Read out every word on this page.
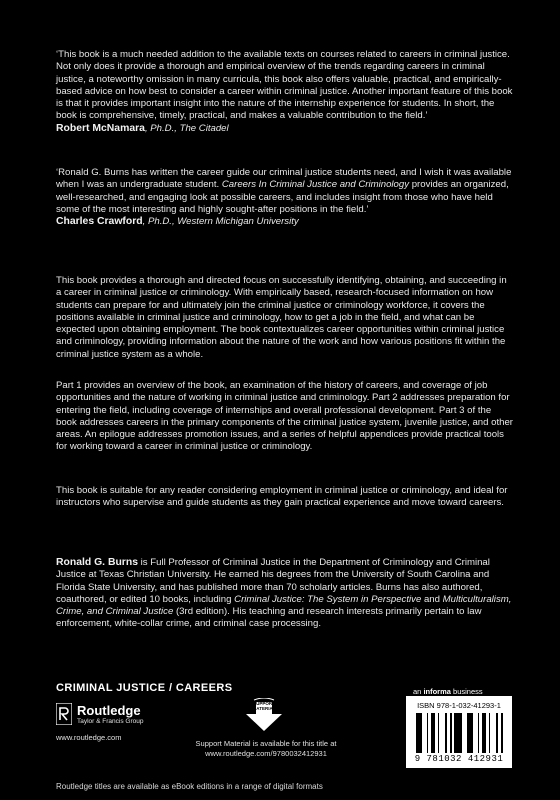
‘This book is a much needed addition to the available texts on courses related to careers in criminal justice. Not only does it provide a thorough and empirical overview of the trends regarding careers in criminal justice, a noteworthy omission in many curricula, this book also offers valuable, practical, and empirically-based advice on how best to consider a career within criminal justice. Another important feature of this book is that it provides important insight into the nature of the internship experience for students. In short, the book is comprehensive, timely, practical, and makes a valuable contribution to the field.’

Robert McNamara, Ph.D., The Citadel

‘Ronald G. Burns has written the career guide our criminal justice students need, and I wish it was available when I was an undergraduate student. Careers In Criminal Justice and Criminology provides an organized, well-researched, and engaging look at possible careers, and includes insight from those who have held some of the most interesting and highly sought-after positions in the field.’

Charles Crawford, Ph.D., Western Michigan University

This book provides a thorough and directed focus on successfully identifying, obtaining, and succeeding in a career in criminal justice or criminology. With empirically based, research-focused information on how students can prepare for and ultimately join the criminal justice or criminology workforce, it covers the positions available in criminal justice and criminology, how to get a job in the field, and what can be expected upon obtaining employment. The book contextualizes career opportunities within criminal justice and criminology, providing information about the nature of the work and how various positions fit within the criminal justice system as a whole.

Part 1 provides an overview of the book, an examination of the history of careers, and coverage of job opportunities and the nature of working in criminal justice and criminology. Part 2 addresses preparation for entering the field, including coverage of internships and overall professional development. Part 3 of the book addresses careers in the primary components of the criminal justice system, juvenile justice, and other areas. An epilogue addresses promotion issues, and a series of helpful appendices provide practical tools for working toward a career in criminal justice or criminology.

This book is suitable for any reader considering employment in criminal justice or criminology, and ideal for instructors who supervise and guide students as they gain practical experience and move toward careers.

Ronald G. Burns is Full Professor of Criminal Justice in the Department of Criminology and Criminal Justice at Texas Christian University. He earned his degrees from the University of South Carolina and Florida State University, and has published more than 70 scholarly articles. Burns has also authored, coauthored, or edited 10 books, including Criminal Justice: The System in Perspective and Multiculturalism, Crime, and Criminal Justice (3rd edition). His teaching and research interests primarily pertain to law enforcement, white-collar crime, and criminal case processing.

CRIMINAL JUSTICE / CAREERS
Routledge
Taylor & Francis Group
www.routledge.com
SUPPORT MATERIAL
Support Material is available for this title at
www.routledge.com/9780032412931
an informa business
ISBN 978-1-032-41293-1
9 781032 412931
Routledge titles are available as eBook editions in a range of digital formats
